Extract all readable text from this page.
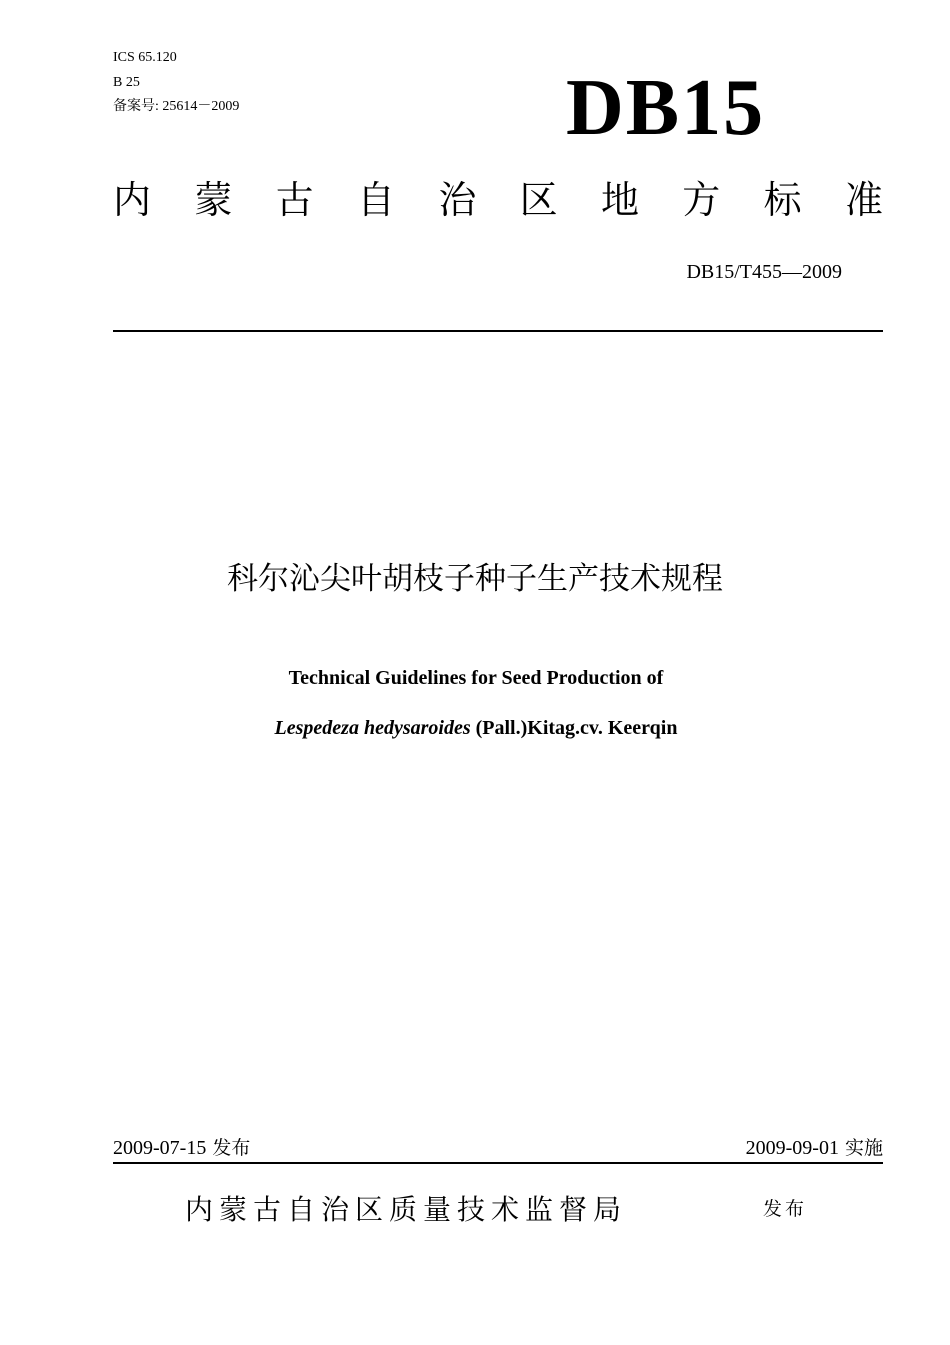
ICS 65.120
B 25
备案号: 25614－2009	DB15
内 蒙 古 自 治 区 地 方 标 准
DB15/T455—2009
科尔沁尖叶胡枝子种子生产技术规程
Technical Guidelines for Seed Production of
Lespedeza hedysaroides (Pall.)Kitag.cv. Keerqin
2009-07-15 发布	2009-09-01 实施
内蒙古自治区质量技术监督局	发布
